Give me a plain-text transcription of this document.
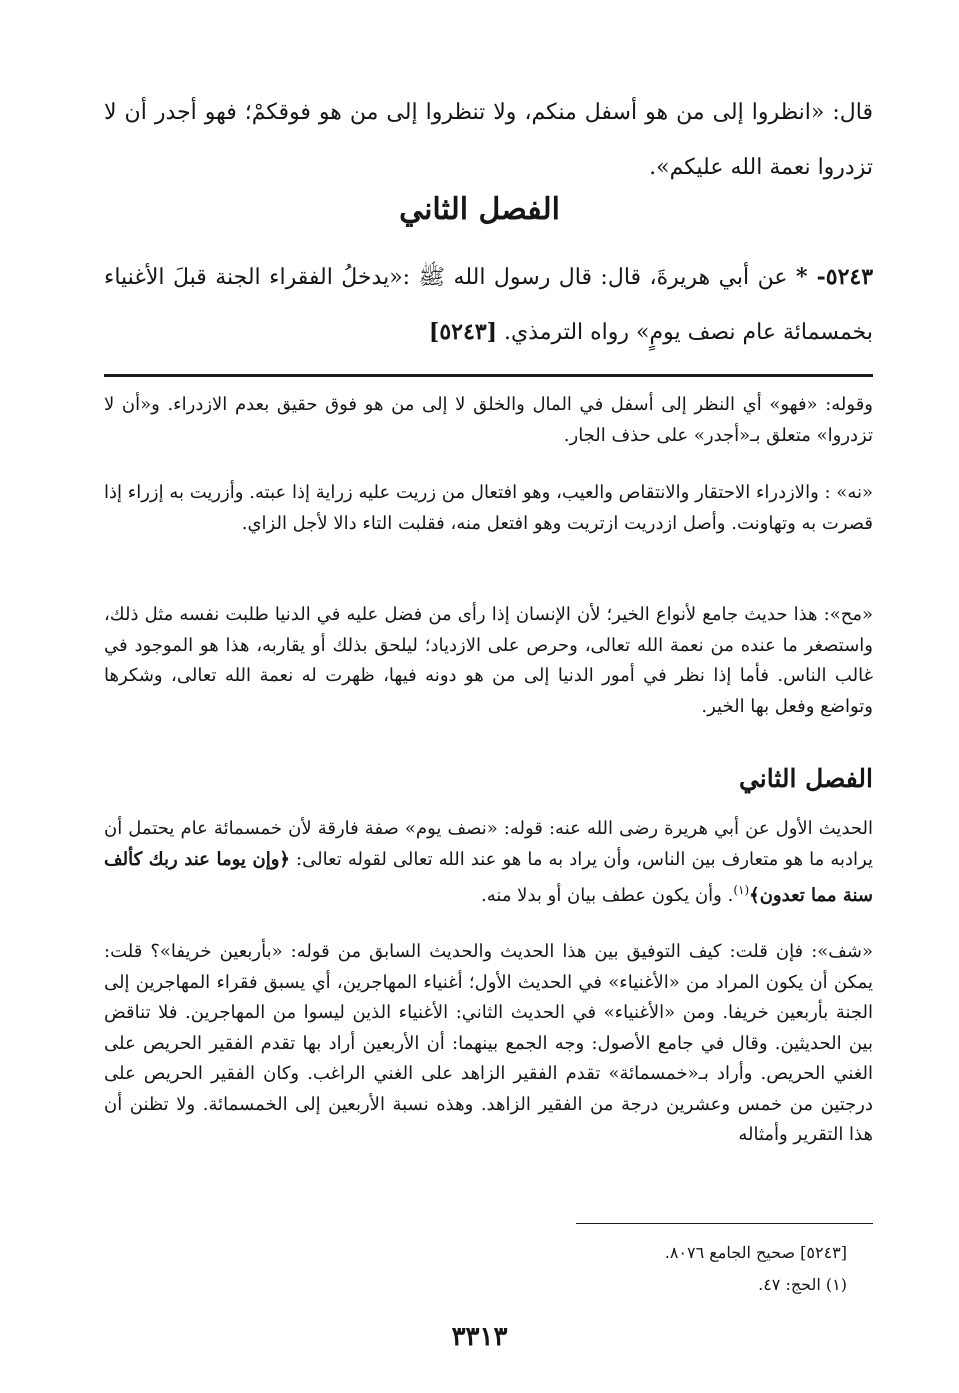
قال: «انظروا إلى من هو أسفل منكم، ولا تنظروا إلى من هو فوقكمْ؛ فهو أجدر أن لا تزدروا نعمة الله عليكم».
الفصل الثاني
٥٢٤٣- * عن أبي هريرةَ، قال: قال رسول الله ﷺ :«يدخلُ الفقراء الجنة قبلَ الأغنياء بخمسمائة عام نصف يومٍ» رواه الترمذي. [٥٢٤٣]
وقوله: «فهو» أي النظر إلى أسفل في المال والخلق لا إلى من هو فوق حقيق بعدم الازدراء. و«أن لا تزدروا» متعلق بـ«أجدر» على حذف الجار.
«نه» : والازدراء الاحتقار والانتقاص والعيب، وهو افتعال من زريت عليه زراية إذا عبته. وأزريت به إزراء إذا قصرت به وتهاونت. وأصل ازدريت ازتريت وهو افتعل منه، فقلبت التاء دالا لأجل الزاي.
«مح»: هذا حديث جامع لأنواع الخير؛ لأن الإنسان إذا رأى من فضل عليه في الدنيا طلبت نفسه مثل ذلك، واستصغر ما عنده من نعمة الله تعالى، وحرص على الازدياد؛ ليلحق بذلك أو يقاربه، هذا هو الموجود في غالب الناس. فأما إذا نظر في أمور الدنيا إلى من هو دونه فيها، ظهرت له نعمة الله تعالى، وشكرها وتواضع وفعل بها الخير.
الفصل الثاني
الحديث الأول عن أبي هريرة رضى الله عنه: قوله: «نصف يوم» صفة فارقة لأن خمسمائة عام يحتمل أن يرادبه ما هو متعارف بين الناس، وأن يراد به ما هو عند الله تعالى لقوله تعالى: ﴿وإن يوما عند ربك كألف سنة مما تعدون﴾$^{(١)}$. وأن يكون عطف بيان أو بدلا منه.
«شف»: فإن قلت: كيف التوفيق بين هذا الحديث والحديث السابق من قوله: «بأربعين خريفا»؟ قلت: يمكن أن يكون المراد من «الأغنياء» في الحديث الأول؛ أغنياء المهاجرين، أي يسبق فقراء المهاجرين إلى الجنة بأربعين خريفا. ومن «الأغنياء» في الحديث الثاني: الأغنياء الذين ليسوا من المهاجرين. فلا تناقض بين الحديثين. وقال في جامع الأصول: وجه الجمع بينهما: أن الأربعين أراد بها تقدم الفقير الحريص على الغني الحريص. وأراد بـ«خمسمائة» تقدم الفقير الزاهد على الغني الراغب. وكان الفقير الحريص على درجتين من خمس وعشرين درجة من الفقير الزاهد. وهذه نسبة الأربعين إلى الخمسمائة. ولا تظنن أن هذا التقرير وأمثاله
[٥٢٤٣] صحيح الجامع ٨٠٧٦.
(١) الحج: ٤٧.
٣٣١٣
